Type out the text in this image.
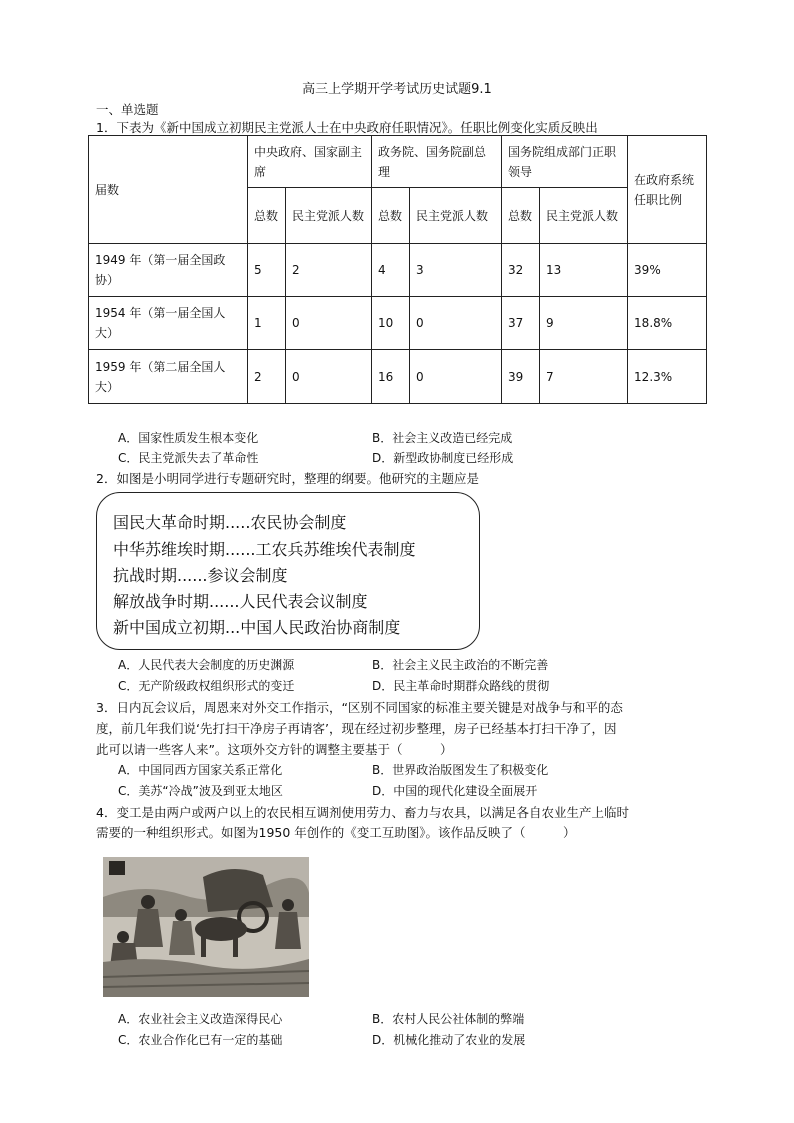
高三上学期开学考试历史试题9.1
一、单选题
1．下表为《新中国成立初期民主党派人士在中央政府任职情况》。任职比例变化实质反映出
届数	中央政府、国家副主席		政务院、国务院副总理		国务院组成部门正职领导		在政府系统任职比例
	总数	民主党派人数	总数	民主党派人数	总数	民主党派人数	
1949 年（第一届全国政协）	5	2	4	3	32	13	39%
1954 年（第一届全国人大）	1	0	10	0	37	9	18.8%
1959 年（第二届全国人大）	2	0	16	0	39	7	12.3%
A．国家性质发生根本变化	B．社会主义改造已经完成
C．民主党派失去了革命性	D．新型政协制度已经形成
2．如图是小明同学进行专题研究时，整理的纲要。他研究的主题应是
国民大革命时期.....农民协会制度
中华苏维埃时期......工农兵苏维埃代表制度
抗战时期......参议会制度
解放战争时期......人民代表会议制度
新中国成立初期...中国人民政治协商制度
A．人民代表大会制度的历史渊源	B．社会主义民主政治的不断完善
C．无产阶级政权组织形式的变迁	D．民主革命时期群众路线的贯彻
3．日内瓦会议后，周恩来对外交工作指示，“区别不同国家的标准主要关键是对战争与和平的态
度，前几年我们说‘先打扫干净房子再请客’，现在经过初步整理，房子已经基本打扫干净了，因
此可以请一些客人来”。这项外交方针的调整主要基于（　　　）
A．中国同西方国家关系正常化	B．世界政治版图发生了积极变化
C．美苏“冷战”波及到亚太地区	D．中国的现代化建设全面展开
4．变工是由两户或两户以上的农民相互调剂使用劳力、畜力与农具，以满足各自农业生产上临时
需要的一种组织形式。如图为1950 年创作的《变工互助图》。该作品反映了（　　　）
A．农业社会主义改造深得民心	B．农村人民公社体制的弊端
C．农业合作化已有一定的基础	D．机械化推动了农业的发展
